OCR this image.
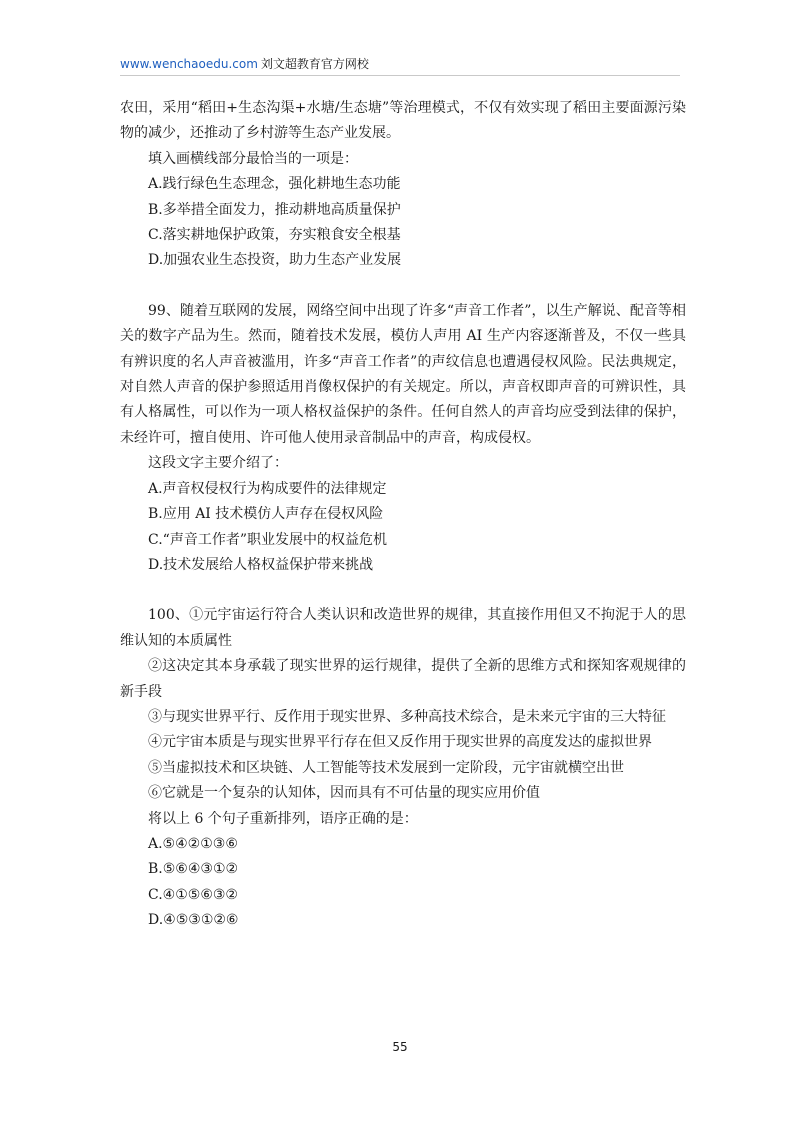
www.wenchaoedu.com 刘文超教育官方网校

农田，采用“稻田+生态沟渠+水塘/生态塘”等治理模式，不仅有效实现了稻田主要面源污染物的减少，还推动了乡村游等生态产业发展。

填入画横线部分最恰当的一项是：

A.践行绿色生态理念，强化耕地生态功能

B.多举措全面发力，推动耕地高质量保护

C.落实耕地保护政策，夯实粮食安全根基

D.加强农业生态投资，助力生态产业发展

99、随着互联网的发展，网络空间中出现了许多“声音工作者”，以生产解说、配音等相关的数字产品为生。然而，随着技术发展，模仿人声用 AI 生产内容逐渐普及，不仅一些具有辨识度的名人声音被滥用，许多“声音工作者”的声纹信息也遭遇侵权风险。民法典规定，对自然人声音的保护参照适用肖像权保护的有关规定。所以，声音权即声音的可辨识性，具有人格属性，可以作为一项人格权益保护的条件。任何自然人的声音均应受到法律的保护，未经许可，擅自使用、许可他人使用录音制品中的声音，构成侵权。

这段文字主要介绍了：

A.声音权侵权行为构成要件的法律规定

B.应用 AI 技术模仿人声存在侵权风险

C.“声音工作者”职业发展中的权益危机

D.技术发展给人格权益保护带来挑战

100、①元宇宙运行符合人类认识和改造世界的规律，其直接作用但又不拘泥于人的思维认知的本质属性

②这决定其本身承载了现实世界的运行规律，提供了全新的思维方式和探知客观规律的新手段

③与现实世界平行、反作用于现实世界、多种高技术综合，是未来元宇宙的三大特征

④元宇宙本质是与现实世界平行存在但又反作用于现实世界的高度发达的虚拟世界

⑤当虚拟技术和区块链、人工智能等技术发展到一定阶段，元宇宙就横空出世

⑥它就是一个复杂的认知体，因而具有不可估量的现实应用价值

将以上 6 个句子重新排列，语序正确的是：

A.⑤④②①③⑥

B.⑤⑥④③①②

C.④①⑤⑥③②

D.④⑤③①②⑥

55
